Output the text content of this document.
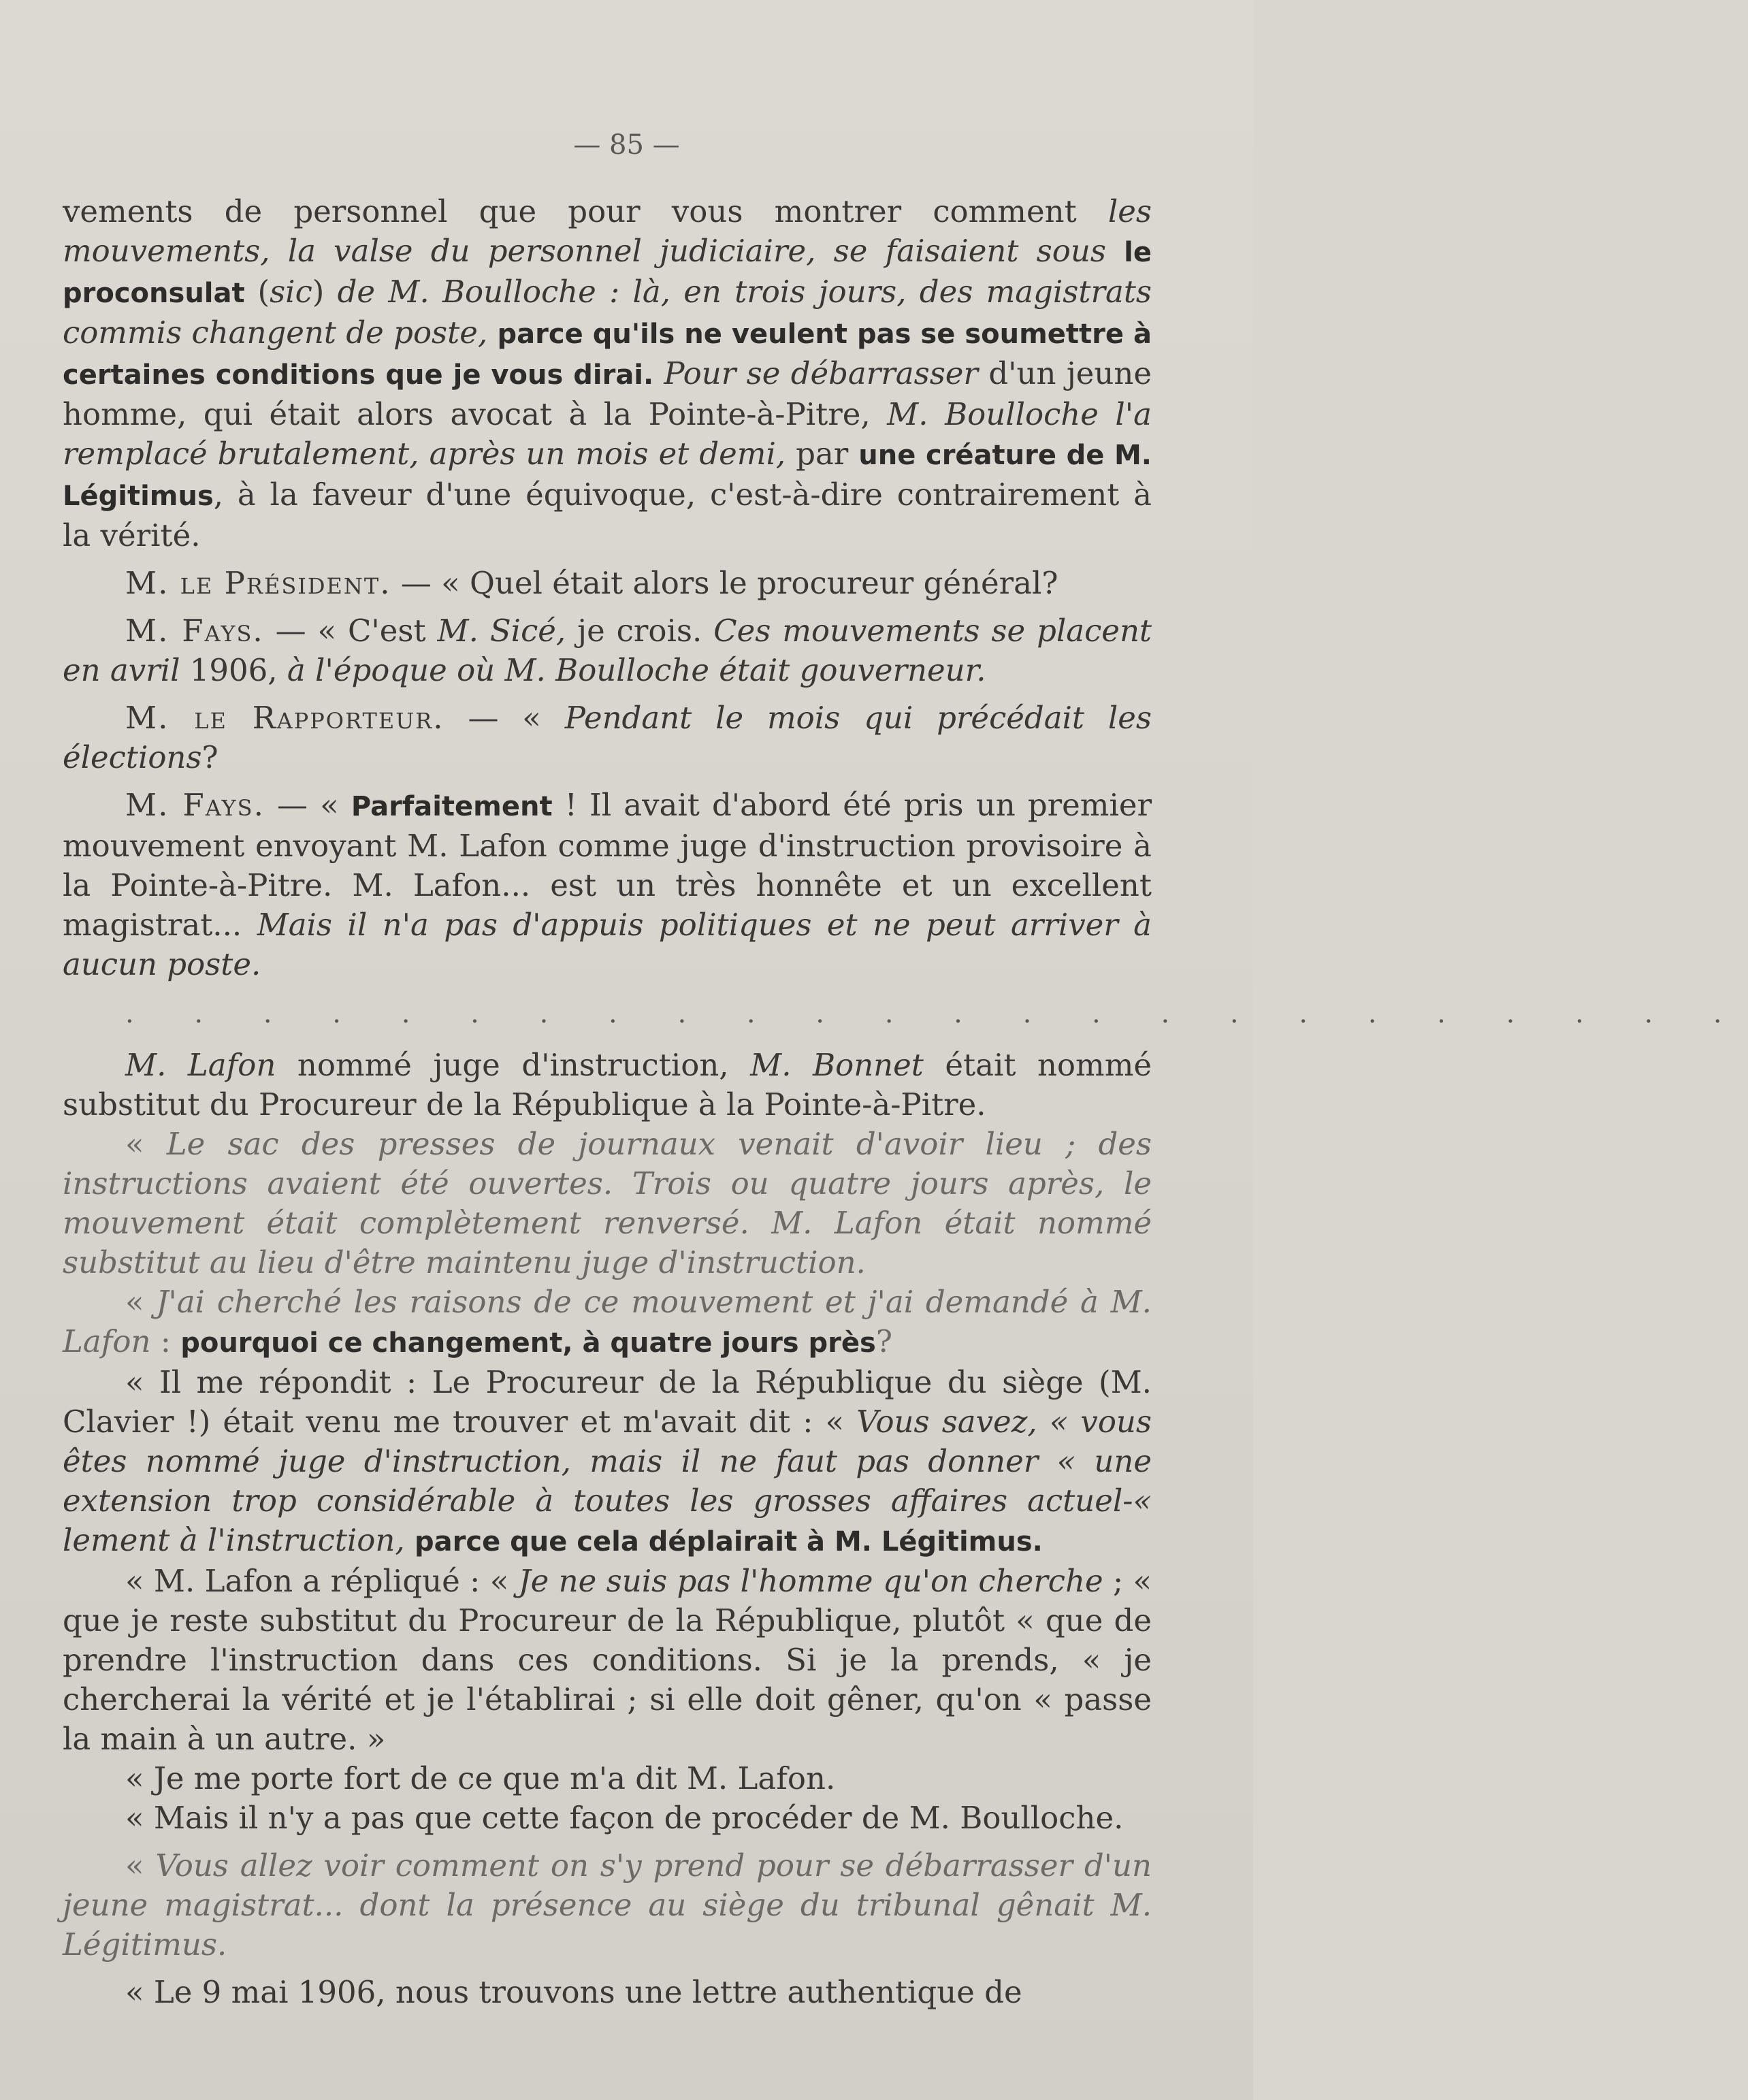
— 85 —

vements de personnel que pour vous montrer comment les mouvements, la valse du personnel judiciaire, se faisaient sous le proconsulat (sic) de M. Boulloche : là, en trois jours, des magistrats commis changent de poste, parce qu'ils ne veulent pas se soumettre à certaines conditions que je vous dirai. Pour se débarrasser d'un jeune homme, qui était alors avocat à la Pointe-à-Pitre, M. Boulloche l'a remplacé brutalement, après un mois et demi, par une créature de M. Légitimus, à la faveur d'une équivoque, c'est-à-dire contrairement à la vérité.

M. le Président. — « Quel était alors le procureur général?

M. Fays. — « C'est M. Sicé, je crois. Ces mouvements se placent en avril 1906, à l'époque où M. Boulloche était gouverneur.

M. le Rapporteur. — « Pendant le mois qui précédait les élections?

M. Fays. — « Parfaitement ! Il avait d'abord été pris un premier mouvement envoyant M. Lafon comme juge d'instruction provisoire à la Pointe-à-Pitre. M. Lafon... est un très honnête et un excellent magistrat... Mais il n'a pas d'appuis politiques et ne peut arriver à aucun poste.

. . . . . . . . . . . . . . . . . . . . . . . .

M. Lafon nommé juge d'instruction, M. Bonnet était nommé substitut du Procureur de la République à la Pointe-à-Pitre.

« Le sac des presses de journaux venait d'avoir lieu ; des instructions avaient été ouvertes. Trois ou quatre jours après, le mouvement était complètement renversé. M. Lafon était nommé substitut au lieu d'être maintenu juge d'instruction.

« J'ai cherché les raisons de ce mouvement et j'ai demandé à M. Lafon : pourquoi ce changement, à quatre jours près?

« Il me répondit : Le Procureur de la République du siège (M. Clavier !) était venu me trouver et m'avait dit : « Vous savez, « vous êtes nommé juge d'instruction, mais il ne faut pas donner « une extension trop considérable à toutes les grosses affaires actuel-« lement à l'instruction, parce que cela déplairait à M. Légitimus.

« M. Lafon a répliqué : « Je ne suis pas l'homme qu'on cherche ; « que je reste substitut du Procureur de la République, plutôt « que de prendre l'instruction dans ces conditions. Si je la prends, « je chercherai la vérité et je l'établirai ; si elle doit gêner, qu'on « passe la main à un autre. »

« Je me porte fort de ce que m'a dit M. Lafon.

« Mais il n'y a pas que cette façon de procéder de M. Boulloche.

« Vous allez voir comment on s'y prend pour se débarrasser d'un jeune magistrat... dont la présence au siège du tribunal gênait M. Légitimus.

« Le 9 mai 1906, nous trouvons une lettre authentique de
